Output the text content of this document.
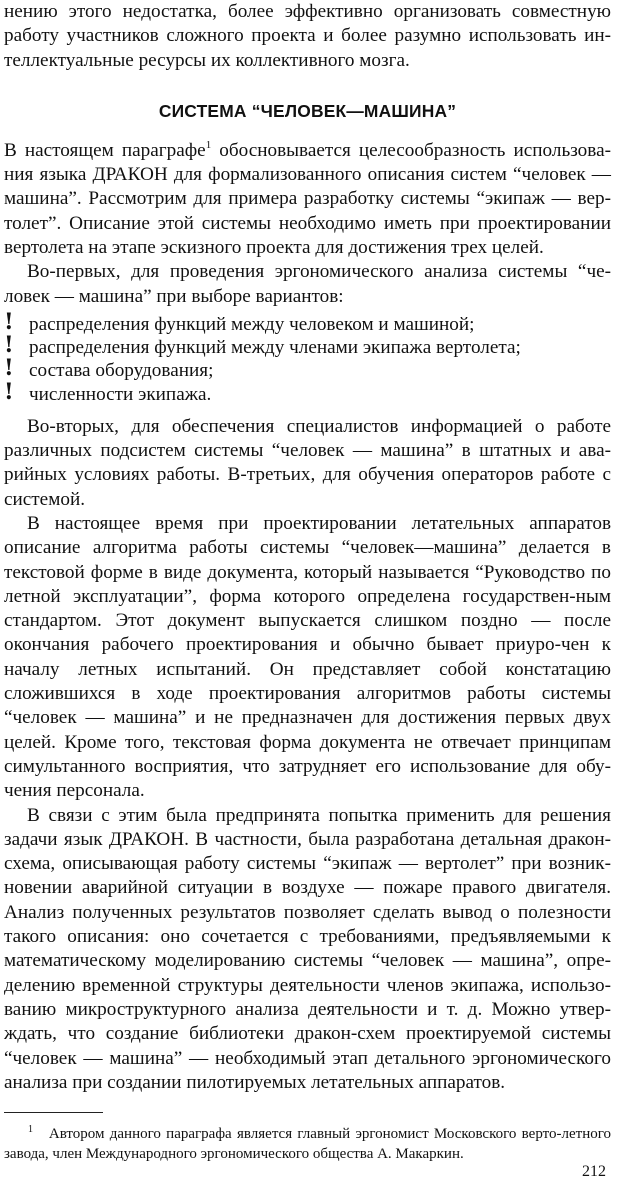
нению этого недостатка, более эффективно организовать совместную
работу участников сложного проекта и более разумно использовать ин-
теллектуальные ресурсы их коллективного мозга.
СИСТЕМА “ЧЕЛОВЕК—МАШИНА”

В настоящем параграфе$^1$ обосновывается целесообразность использова-ния языка ДРАКОН для формализованного описания систем “человек — машина”. Рассмотрим для примера разработку системы “экипаж — вер-толет”. Описание этой системы необходимо иметь при проектировании вертолета на этапе эскизного проекта для достижения трех целей.

Во-первых, для проведения эргономического анализа системы “че-ловек — машина” при выборе вариантов:

! распределения функций между человеком и машиной;
! распределения функций между членами экипажа вертолета;
! состава оборудования;
! численности экипажа.

Во-вторых, для обеспечения специалистов информацией о работе различных подсистем системы “человек — машина” в штатных и ава-рийных условиях работы. В-третьих, для обучения операторов работе с системой.

В настоящее время при проектировании летательных аппаратов описание алгоритма работы системы “человек—машина” делается в текстовой форме в виде документа, который называется “Руководство по летной эксплуатации”, форма которого определена государствен-ным стандартом. Этот документ выпускается слишком поздно — после окончания рабочего проектирования и обычно бывает приуро-чен к началу летных испытаний. Он представляет собой констатацию сложившихся в ходе проектирования алгоритмов работы системы “человек — машина” и не предназначен для достижения первых двух целей. Кроме того, текстовая форма документа не отвечает принципам симультанного восприятия, что затрудняет его использование для обу-чения персонала.

В связи с этим была предпринята попытка применить для решения задачи язык ДРАКОН. В частности, была разработана детальная дракон-схема, описывающая работу системы “экипаж — вертолет” при возник-новении аварийной ситуации в воздухе — пожаре правого двигателя. Анализ полученных результатов позволяет сделать вывод о полезности такого описания: оно сочетается с требованиями, предъявляемыми к математическому моделированию системы “человек — машина”, опре-делению временной структуры деятельности членов экипажа, использо-ванию микроструктурного анализа деятельности и т. д. Можно утвер-ждать, что создание библиотеки дракон-схем проектируемой системы “человек — машина” — необходимый этап детального эргономического анализа при создании пилотируемых летательных аппаратов.

$^1$ Автором данного параграфа является главный эргономист Московского верто-летного завода, член Международного эргономического общества А. Макаркин.

212
